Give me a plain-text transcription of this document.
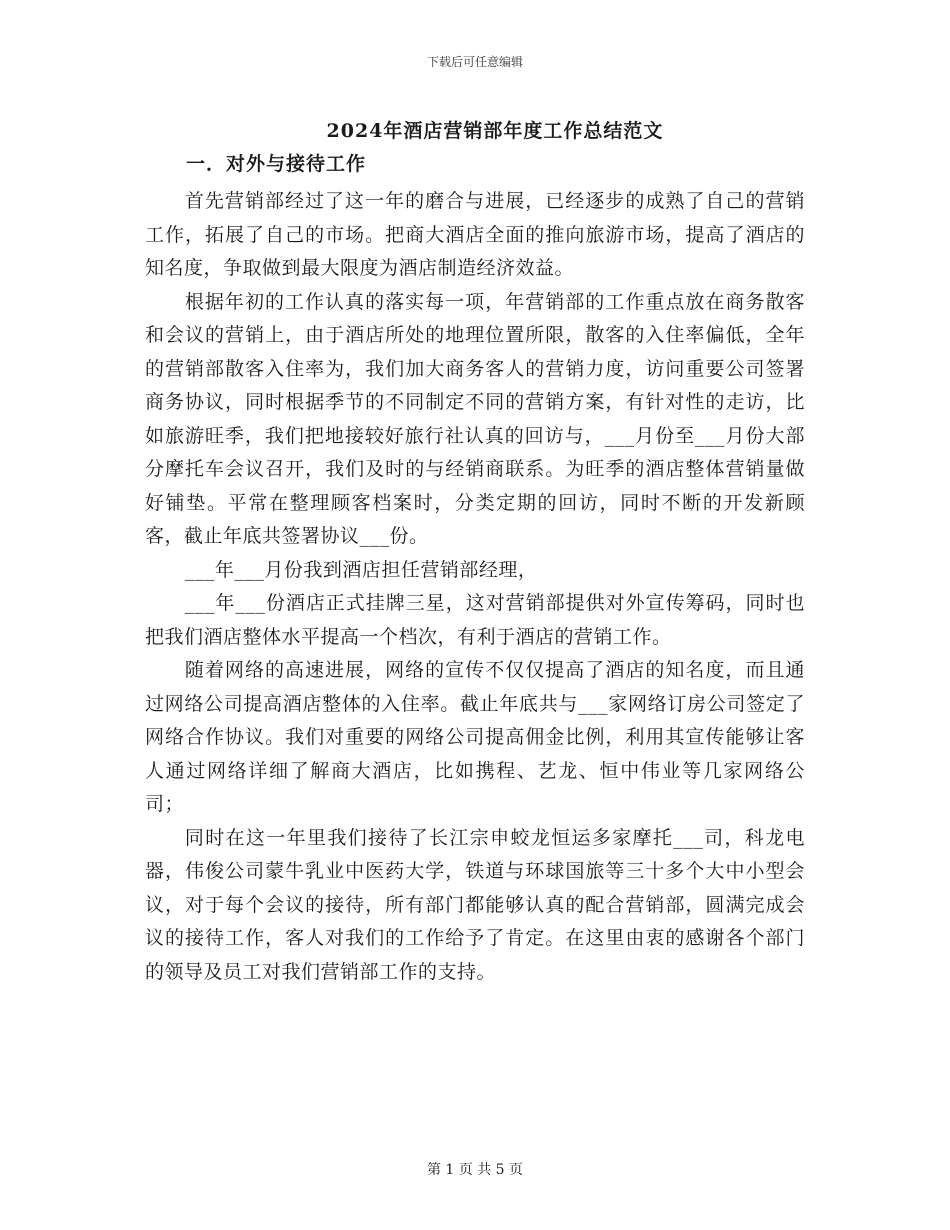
下载后可任意编辑
2024年酒店营销部年度工作总结范文
一．对外与接待工作

首先营销部经过了这一年的磨合与进展，已经逐步的成熟了自己的营销工作，拓展了自己的市场。把商大酒店全面的推向旅游市场，提高了酒店的知名度，争取做到最大限度为酒店制造经济效益。

根据年初的工作认真的落实每一项，年营销部的工作重点放在商务散客和会议的营销上，由于酒店所处的地理位置所限，散客的入住率偏低，全年的营销部散客入住率为，我们加大商务客人的营销力度，访问重要公司签署商务协议，同时根据季节的不同制定不同的营销方案，有针对性的走访，比如旅游旺季，我们把地接较好旅行社认真的回访与，___月份至___月份大部分摩托车会议召开，我们及时的与经销商联系。为旺季的酒店整体营销量做好铺垫。平常在整理顾客档案时，分类定期的回访，同时不断的开发新顾客，截止年底共签署协议___份。

___年___月份我到酒店担任营销部经理，

___年___份酒店正式挂牌三星，这对营销部提供对外宣传筹码，同时也把我们酒店整体水平提高一个档次，有利于酒店的营销工作。

随着网络的高速进展，网络的宣传不仅仅提高了酒店的知名度，而且通过网络公司提高酒店整体的入住率。截止年底共与___家网络订房公司签定了网络合作协议。我们对重要的网络公司提高佣金比例，利用其宣传能够让客人通过网络详细了解商大酒店，比如携程、艺龙、恒中伟业等几家网络公司；

同时在这一年里我们接待了长江宗申蛟龙恒运多家摩托___司，科龙电器，伟俊公司蒙牛乳业中医药大学，铁道与环球国旅等三十多个大中小型会议，对于每个会议的接待，所有部门都能够认真的配合营销部，圆满完成会议的接待工作，客人对我们的工作给予了肯定。在这里由衷的感谢各个部门的领导及员工对我们营销部工作的支持。

第 1 页 共 5 页
